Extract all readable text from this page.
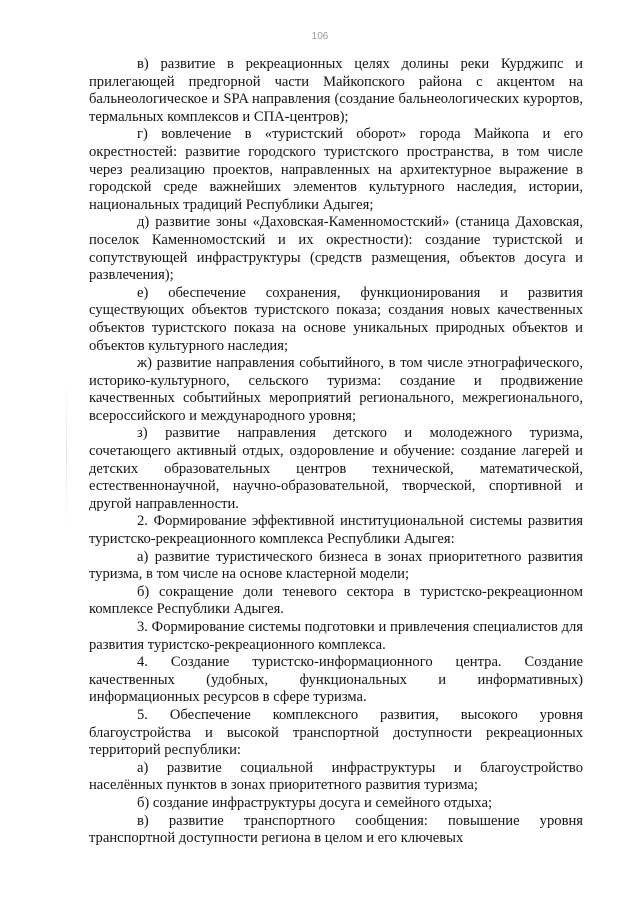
106

в) развитие в рекреационных целях долины реки Курджипс и прилегающей предгорной части Майкопского района с акцентом на бальнеологическое и SPA направления (создание бальнеологических курортов, термальных комплексов и СПА-центров);

г) вовлечение в «туристский оборот» города Майкопа и его окрестностей: развитие городского туристского пространства, в том числе через реализацию проектов, направленных на архитектурное выражение в городской среде важнейших элементов культурного наследия, истории, национальных традиций Республики Адыгея;

д) развитие зоны «Даховская-Каменномостский» (станица Даховская, поселок Каменномостский и их окрестности): создание туристской и сопутствующей инфраструктуры (средств размещения, объектов досуга и развлечения);

е) обеспечение сохранения, функционирования и развития существующих объектов туристского показа; создания новых качественных объектов туристского показа на основе уникальных природных объектов и объектов культурного наследия;

ж) развитие направления событийного, в том числе этнографического, историко-культурного, сельского туризма: создание и продвижение качественных событийных мероприятий регионального, межрегионального, всероссийского и международного уровня;

з) развитие направления детского и молодежного туризма, сочетающего активный отдых, оздоровление и обучение: создание лагерей и детских образовательных центров технической, математической, естественнонаучной, научно-образовательной, творческой, спортивной и другой направленности.

2. Формирование эффективной институциональной системы развития туристско-рекреационного комплекса Республики Адыгея:

а) развитие туристического бизнеса в зонах приоритетного развития туризма, в том числе на основе кластерной модели;

б) сокращение доли теневого сектора в туристско-рекреационном комплексе Республики Адыгея.

3. Формирование системы подготовки и привлечения специалистов для развития туристско-рекреационного комплекса.

4. Создание туристско-информационного центра. Создание качественных (удобных, функциональных и информативных) информационных ресурсов в сфере туризма.

5. Обеспечение комплексного развития, высокого уровня благоустройства и высокой транспортной доступности рекреационных территорий республики:

а) развитие социальной инфраструктуры и благоустройство населённых пунктов в зонах приоритетного развития туризма;

б) создание инфраструктуры досуга и семейного отдыха;

в) развитие транспортного сообщения: повышение уровня транспортной доступности региона в целом и его ключевых
